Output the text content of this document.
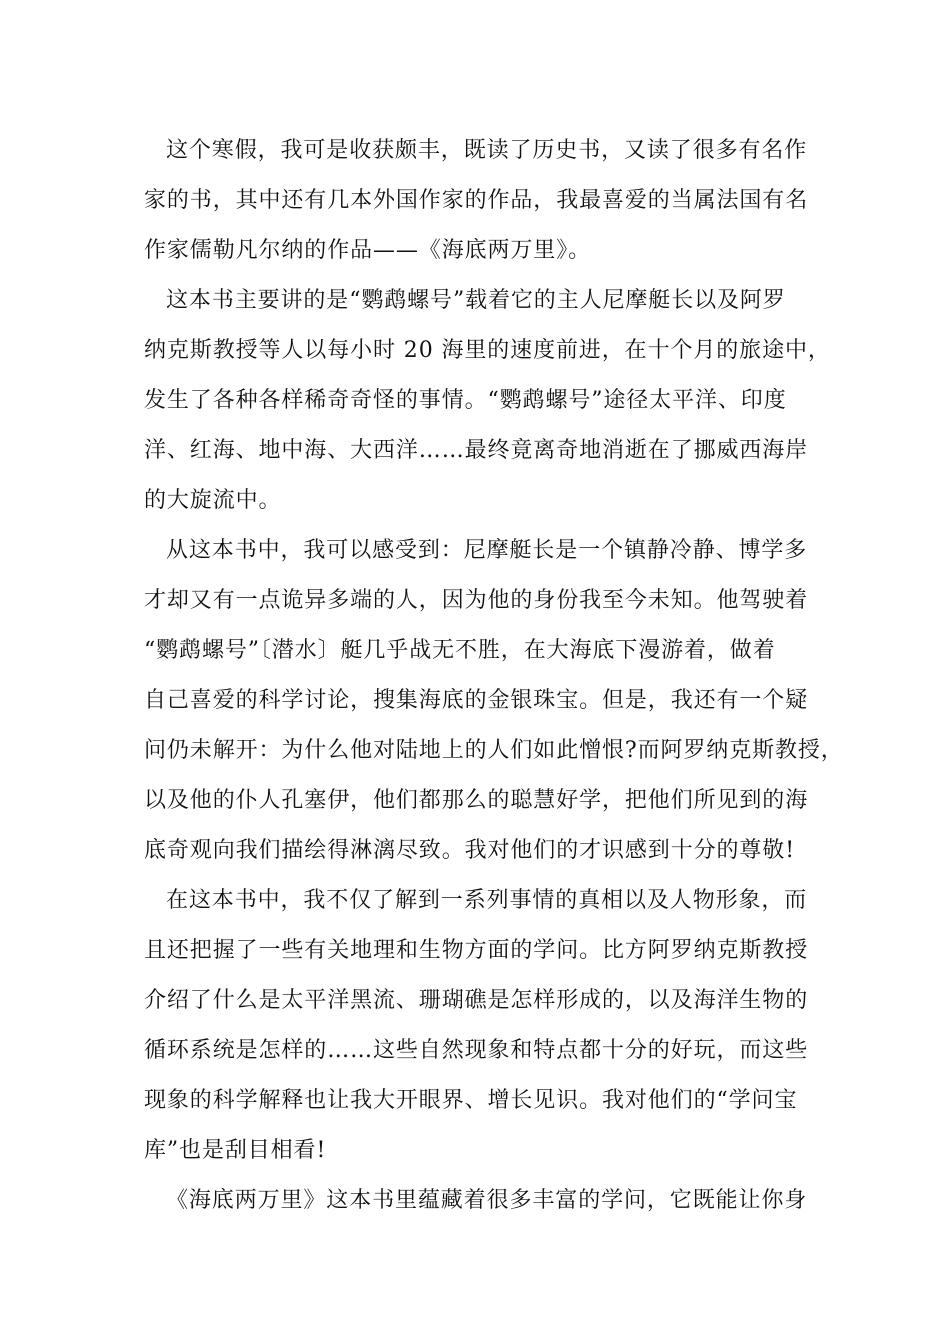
这个寒假，我可是收获颇丰，既读了历史书，又读了很多有名作
家的书，其中还有几本外国作家的作品，我最喜爱的当属法国有名
作家儒勒凡尔纳的作品——《海底两万里》。
这本书主要讲的是“鹦鹉螺号”载着它的主人尼摩艇长以及阿罗
纳克斯教授等人以每小时 20 海里的速度前进，在十个月的旅途中，
发生了各种各样稀奇奇怪的事情。“鹦鹉螺号”途径太平洋、印度
洋、红海、地中海、大西洋……最终竟离奇地消逝在了挪威西海岸
的大旋流中。
从这本书中，我可以感受到：尼摩艇长是一个镇静冷静、博学多
才却又有一点诡异多端的人，因为他的身份我至今未知。他驾驶着
“鹦鹉螺号”〔潜水〕艇几乎战无不胜，在大海底下漫游着，做着
自己喜爱的科学讨论，搜集海底的金银珠宝。但是，我还有一个疑
问仍未解开：为什么他对陆地上的人们如此憎恨?而阿罗纳克斯教授，
以及他的仆人孔塞伊，他们都那么的聪慧好学，把他们所见到的海
底奇观向我们描绘得淋漓尽致。我对他们的才识感到十分的尊敬!
在这本书中，我不仅了解到一系列事情的真相以及人物形象，而
且还把握了一些有关地理和生物方面的学问。比方阿罗纳克斯教授
介绍了什么是太平洋黑流、珊瑚礁是怎样形成的，以及海洋生物的
循环系统是怎样的……这些自然现象和特点都十分的好玩，而这些
现象的科学解释也让我大开眼界、增长见识。我对他们的“学问宝
库”也是刮目相看!
《海底两万里》这本书里蕴藏着很多丰富的学问，它既能让你身
